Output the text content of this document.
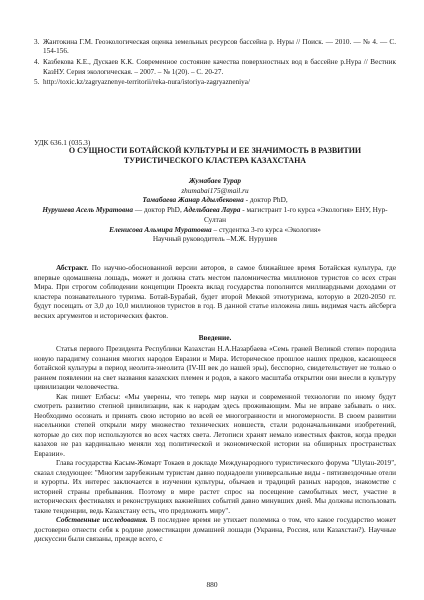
3. Жантокина Г.М. Геоэкологическая оценка земельных ресурсов бассейна р. Нуры // Поиск. — 2010. — № 4. — С. 154-156.
4. Казбекова К.Е., Дускаев К.К. Современное состояние качества поверхностных вод в бассейне р.Нура // Вестник КазНУ. Серия экологическая. – 2007. – № 1(20). – С. 20-27.
5. http://toxic.kz/zagryaznenye-territorii/reka-nura/istoriya-zagryazneniya/
УДК 636.1 (035.3)
О СУЩНОСТИ БОТАЙСКОЙ КУЛЬТУРЫ И ЕЕ ЗНАЧИМОСТЬ В РАЗВИТИИ ТУРИСТИЧЕСКОГО КЛАСТЕРА КАЗАХСТАНА
Жумабаев Турар
zhumabai175@mail.ru
Тамабаева Жанар Адылбековна - доктор PhD,
Нурушева Асель Муратовна — доктор PhD, Адельбаева Лаура - магистрант 1-го курса «Экология» ЕНУ, Нур-Султан
Еленисова Альмира Муратовна – студентка 3-го курса «Экология»
Научный руководитель –М.Ж. Нурушев
Абстракт. По научно-обоснованной версии авторов, в самое ближайшее время Ботайская культура, где впервые одомашнена лошадь, может и должна стать местом паломничества миллионов туристов со всех стран Мира. При строгом соблюдении концепции Проекта вклад государства пополнится миллиардными доходами от кластера познавательного туризма. Ботай-Бурабай, будет второй Меккой этнотуризма, которую в 2020-2050 гг. будут посещать от 3,0 до 10,0 миллионов туристов в год. В данной статье изложена лишь видимая часть айсберга веских аргументов и исторических фактов.
Введение.

Статья первого Президента Республики Казахстан Н.А.Назарбаева «Семь граней Великой степи» породила новую парадигму сознания многих народов Евразии и Мира. Историческое прошлое наших предков, касающееся ботайской культуры в период неолита-энеолита (IV-III век до нашей эры), бесспорно, свидетельствует не только о раннем появлении на свет названия казахских племен и родов, а какого масштаба открытии они внесли в культуру цивилизации человечества.

Как пишет Елбасы: «Мы уверены, что теперь мир науки и современной технологии по иному будут смотреть развитию степной цивилизации, как к народам здесь проживающим. Мы не вправе забывать о них. Необходимо осознать и принять свою историю во всей ее многогранности и многомерности. В своем развитии насельники степей открыли миру множество технических новшеств, стали родоначальниками изобретений, которые до сих пор используются во всех частях света. Летописи хранят немало известных фактов, когда предки казахов не раз кардинально меняли ход политической и экономической истории на обширных пространствах Евразии».

Глава государства Касым-Жомарт Токаев в докладе Международного туристического форума "Ulytau-2019", сказал следующее: "Многим зарубежным туристам давно поднадоели универсальные виды - пятизвездочные отели и курорты. Их интерес заключается в изучении культуры, обычаев и традиций разных народов, знакомстве с историей страны пребывания. Поэтому в мире растет спрос на посещение самобытных мест, участие в исторических фестивалях и реконструкциях важнейших событий давно минувших дней. Мы должны использовать такие тенденции, ведь Казахстану есть, что предложить миру".

Собственные исследования. В последнее время не утихает полемика о том, что какое государство может достоверно отнести себя к родине доместикации домашней лошади (Украина, Россия, или Казахстан?). Научные дискуссии были связаны, прежде всего, с

880
